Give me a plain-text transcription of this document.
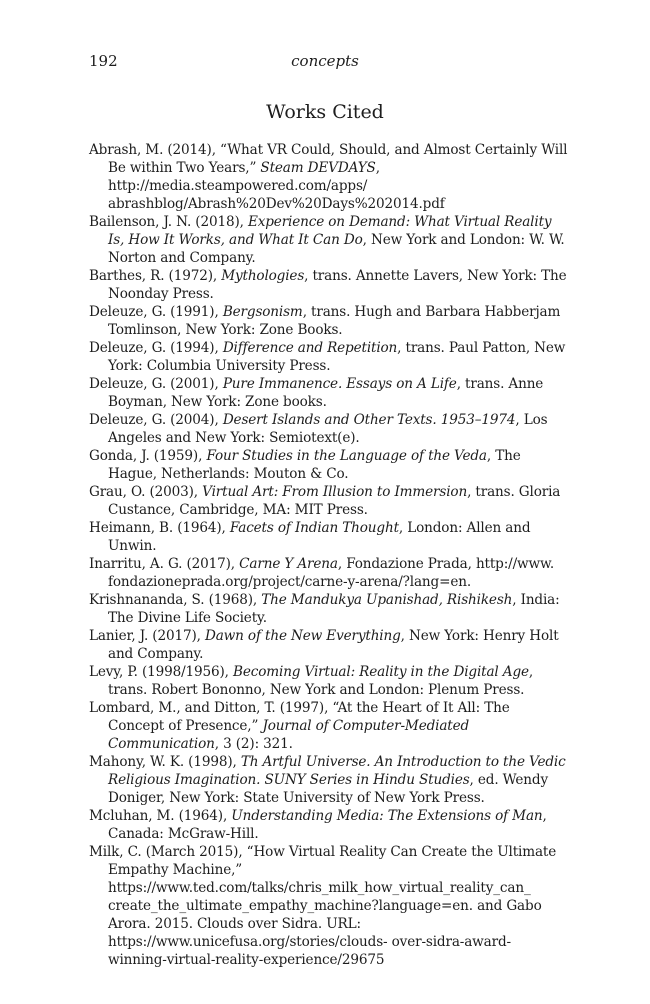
192	concepts
Works Cited

Abrash, M. (2014), “What VR Could, Should, and Almost Certainly Will Be within Two Years,” Steam DEVDAYS, http://media.steampowered.com/apps/ abrashblog/Abrash%20Dev%20Days%202014.pdf

Bailenson, J. N. (2018), Experience on Demand: What Virtual Reality Is, How It Works, and What It Can Do, New York and London: W. W. Norton and Company.

Barthes, R. (1972), Mythologies, trans. Annette Lavers, New York: The Noonday Press.

Deleuze, G. (1991), Bergsonism, trans. Hugh and Barbara Habberjam Tomlinson, New York: Zone Books.

Deleuze, G. (1994), Difference and Repetition, trans. Paul Patton, New York: Columbia University Press.

Deleuze, G. (2001), Pure Immanence. Essays on A Life, trans. Anne Boyman, New York: Zone books.

Deleuze, G. (2004), Desert Islands and Other Texts. 1953–1974, Los Angeles and New York: Semiotext(e).

Gonda, J. (1959), Four Studies in the Language of the Veda, The Hague, Netherlands: Mouton & Co.

Grau, O. (2003), Virtual Art: From Illusion to Immersion, trans. Gloria Custance, Cambridge, MA: MIT Press.

Heimann, B. (1964), Facets of Indian Thought, London: Allen and Unwin.

Inarritu, A. G. (2017), Carne Y Arena, Fondazione Prada, http://www. fondazioneprada.org/project/carne-y-arena/?lang=en.

Krishnananda, S. (1968), The Mandukya Upanishad, Rishikesh, India: The Divine Life Society.

Lanier, J. (2017), Dawn of the New Everything, New York: Henry Holt and Company.

Levy, P. (1998/1956), Becoming Virtual: Reality in the Digital Age, trans. Robert Bononno, New York and London: Plenum Press.

Lombard, M., and Ditton, T. (1997), “At the Heart of It All: The Concept of Presence,” Journal of Computer-Mediated Communication, 3 (2): 321.

Mahony, W. K. (1998), Th Artful Universe. An Introduction to the Vedic Religious Imagination. SUNY Series in Hindu Studies, ed. Wendy Doniger, New York: State University of New York Press.

Mcluhan, M. (1964), Understanding Media: The Extensions of Man, Canada: McGraw-Hill.

Milk, C. (March 2015), “How Virtual Reality Can Create the Ultimate Empathy Machine,” https://www.ted.com/talks/chris_milk_how_virtual_reality_can_ create_the_ultimate_empathy_machine?language=en. and Gabo Arora. 2015. Clouds over Sidra. URL: https://www.unicefusa.org/stories/clouds- over-sidra-award-winning-virtual-reality-experience/29675
